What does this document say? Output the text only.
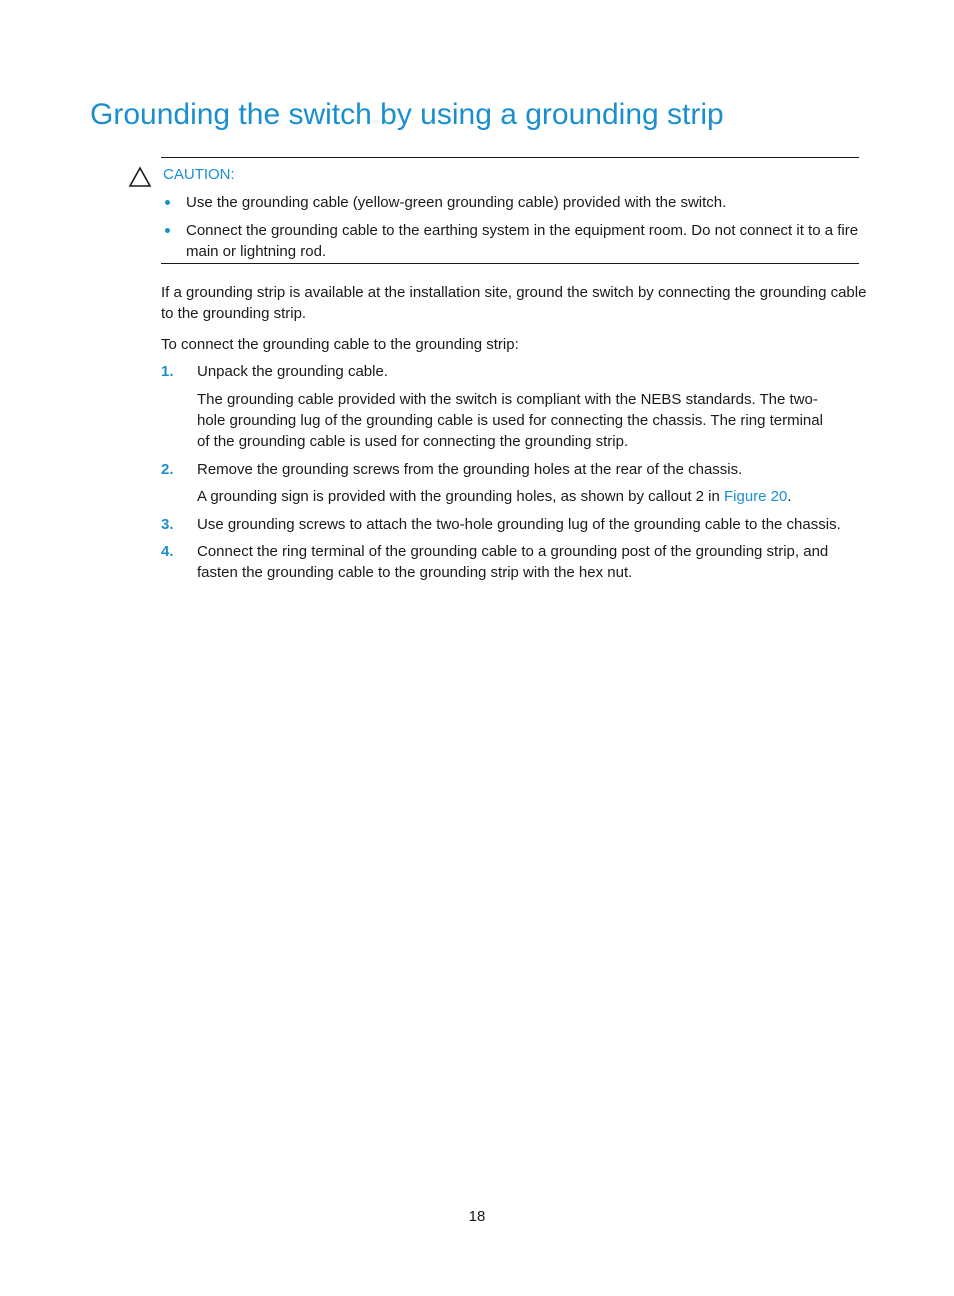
Grounding the switch by using a grounding strip
CAUTION:
Use the grounding cable (yellow-green grounding cable) provided with the switch.
Connect the grounding cable to the earthing system in the equipment room. Do not connect it to a fire main or lightning rod.
If a grounding strip is available at the installation site, ground the switch by connecting the grounding cable to the grounding strip.
To connect the grounding cable to the grounding strip:
1. Unpack the grounding cable.
The grounding cable provided with the switch is compliant with the NEBS standards. The two-hole grounding lug of the grounding cable is used for connecting the chassis. The ring terminal of the grounding cable is used for connecting the grounding strip.
2. Remove the grounding screws from the grounding holes at the rear of the chassis.
A grounding sign is provided with the grounding holes, as shown by callout 2 in Figure 20.
3. Use grounding screws to attach the two-hole grounding lug of the grounding cable to the chassis.
4. Connect the ring terminal of the grounding cable to a grounding post of the grounding strip, and fasten the grounding cable to the grounding strip with the hex nut.
18
